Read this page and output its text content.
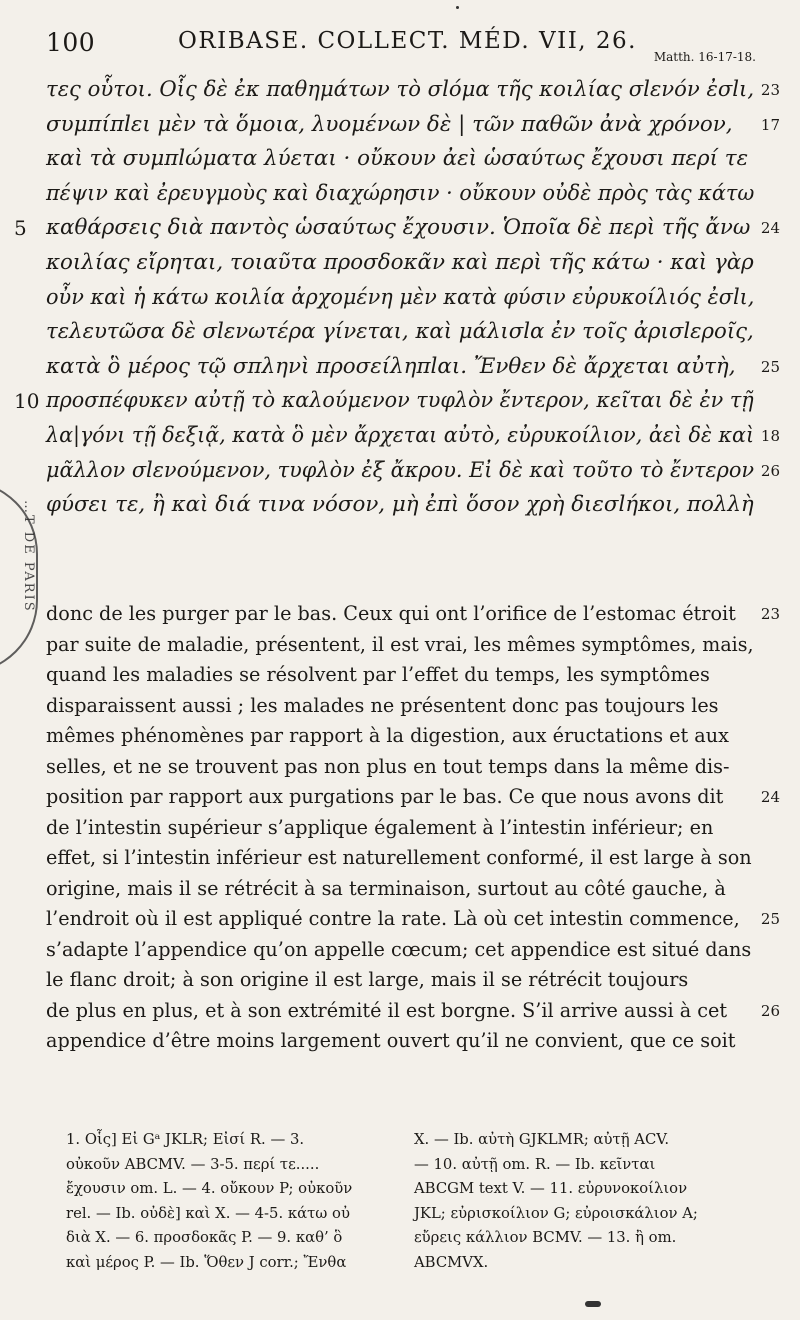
100	ORIBASE. COLLECT. MÉD. VII, 26.
Matth. 16-17-18.
…T DE PARIS
τες οὗτοι. Οἷς δὲ ἐκ παθημάτων τὸ σlόμα τῆς κοιλίας σlενόν ἐσlι, 23
συμπίπlει μὲν τὰ ὅμοια, λυομένων δὲ | τῶν παθῶν ἀνὰ χρόνον, 17
καὶ τὰ συμπlώματα λύεται · οὔκουν ἀεὶ ὡσαύτως ἔχουσι περί τε
πέψιν καὶ ἐρευγμοὺς καὶ διαχώρησιν · οὔκουν οὐδὲ πρὸς τὰς κάτω
5 καθάρσεις διὰ παντὸς ὡσαύτως ἔχουσιν. Ὁποῖα δὲ περὶ τῆς ἄνω 24
κοιλίας εἴρηται, τοιαῦτα προσδοκᾶν καὶ περὶ τῆς κάτω · καὶ γὰρ
οὖν καὶ ἡ κάτω κοιλία ἀρχομένη μὲν κατὰ φύσιν εὐρυκοίλιός ἐσlι,
τελευτῶσα δὲ σlενωτέρα γίνεται, καὶ μάλισlα ἐν τοῖς ἀρισlεροῖς,
κατὰ ὃ μέρος τῷ σπληνὶ προσείληπlαι. Ἔνθεν δὲ ἄρχεται αὐτὴ, 25
10 προσπέφυκεν αὐτῇ τὸ καλούμενον τυφλὸν ἔντερον, κεῖται δὲ ἐν τῇ
λα|γόνι τῇ δεξιᾷ, κατὰ ὃ μὲν ἄρχεται αὐτὸ, εὐρυκοίλιον, ἀεὶ δὲ καὶ 18
μᾶλλον σlενούμενον, τυφλὸν ἐξ ἄκρου. Εἰ δὲ καὶ τοῦτο τὸ ἔντερον 26
φύσει τε, ἢ καὶ διά τινα νόσον, μὴ ἐπὶ ὅσον χρὴ διεσlήκοι, πολλὴ
donc de les purger par le bas. Ceux qui ont l’orifice de l’estomac étroit 23
par suite de maladie, présentent, il est vrai, les mêmes symptômes, mais,
quand les maladies se résolvent par l’effet du temps, les symptômes
disparaissent aussi ; les malades ne présentent donc pas toujours les
mêmes phénomènes par rapport à la digestion, aux éructations et aux
selles, et ne se trouvent pas non plus en tout temps dans la même dis-
position par rapport aux purgations par le bas. Ce que nous avons dit	24
de l’intestin supérieur s’applique également à l’intestin inférieur; en
effet, si l’intestin inférieur est naturellement conformé, il est large à son
origine, mais il se rétrécit à sa terminaison, surtout au côté gauche, à
l’endroit où il est appliqué contre la rate. Là où cet intestin commence, 25
s’adapte l’appendice qu’on appelle cœcum; cet appendice est situé dans
le flanc droit; à son origine il est large, mais il se rétrécit toujours
de plus en plus, et à son extrémité il est borgne. S’il arrive aussi à cet 26
appendice d’être moins largement ouvert qu’il ne convient, que ce soit
1. Οἷς] Εἰ Gᵃ JKLR; Εἰσί R. — 3.
οὐκοῦν ABCMV. — 3-5. περί τε.....
ἔχουσιν om. L. — 4. οὔκουν P; οὐκοῦν
rel. — Ib. οὐδὲ] καὶ X. — 4-5. κάτω οὐ
διὰ X. — 6. προσδοκᾶς P. — 9. καθ’ ὃ
καὶ μέρος P. — Ib. Ὅθεν J corr.; Ἔνθα
X. — Ib. αὐτὴ GJKLMR; αὐτῇ ACV.
— 10. αὐτῇ om. R. — Ib. κεῖνται
ABCGM text V. — 11. εὐρυνοκοίλιον
JKL; εὐρισκοίλιον G; εὐροισκάλιον A;
εὔρεις κάλλιον BCMV. — 13. ἢ om.
ABCMVX.
